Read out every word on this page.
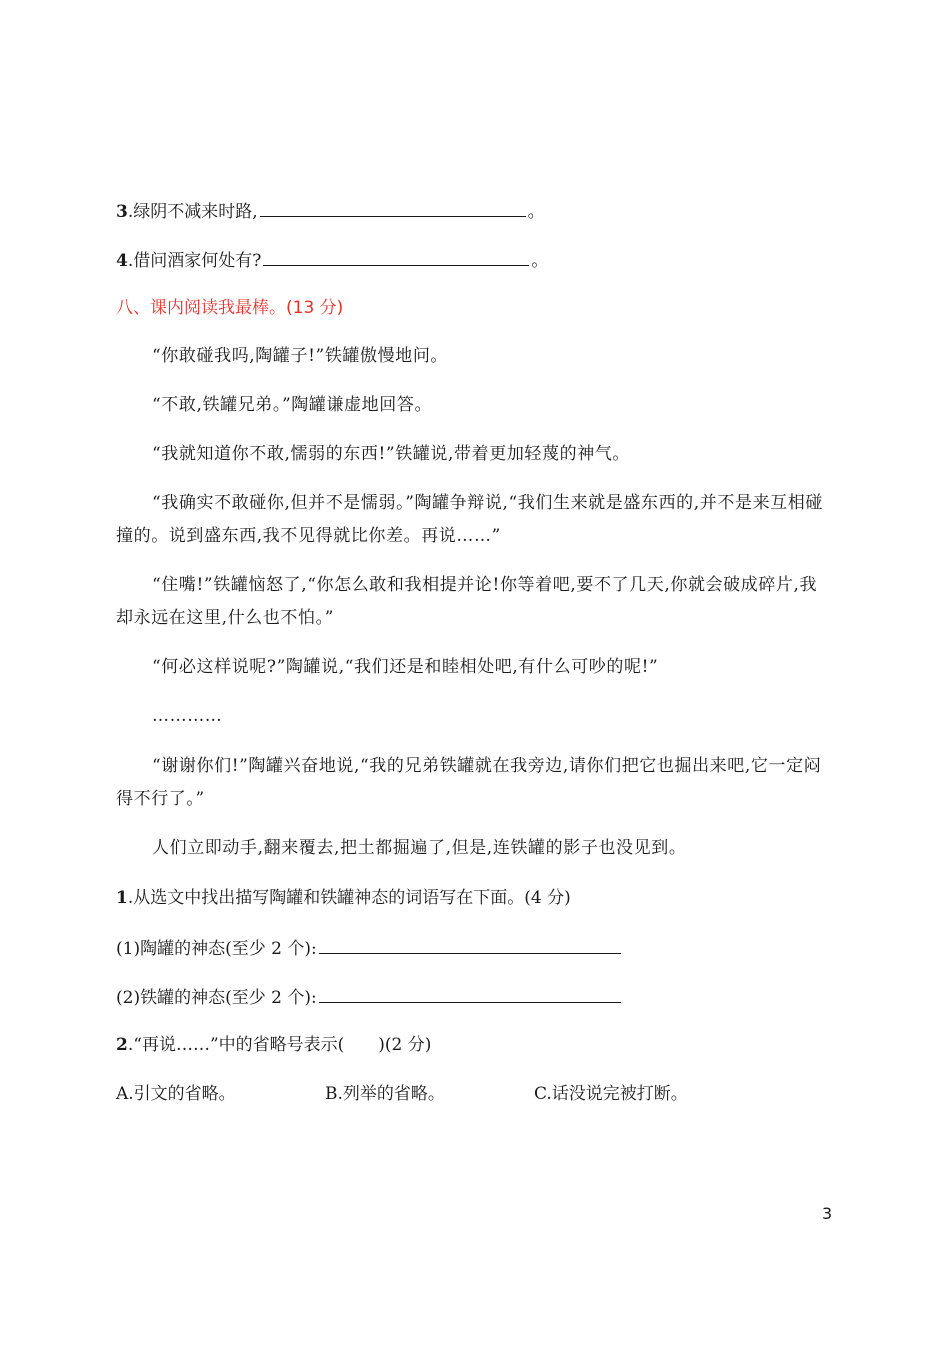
3.绿阴不减来时路,	。
4.借问酒家何处有?	。
八、课内阅读我最棒。(13 分)
“你敢碰我吗,陶罐子!”铁罐傲慢地问。
“不敢,铁罐兄弟。”陶罐谦虚地回答。
“我就知道你不敢,懦弱的东西!”铁罐说,带着更加轻蔑的神气。
“我确实不敢碰你,但并不是懦弱。”陶罐争辩说,“我们生来就是盛东西的,并不是来互相碰撞的。说到盛东西,我不见得就比你差。再说……”
“住嘴!”铁罐恼怒了,“你怎么敢和我相提并论!你等着吧,要不了几天,你就会破成碎片,我却永远在这里,什么也不怕。”
“何必这样说呢?”陶罐说,“我们还是和睦相处吧,有什么可吵的呢!”
…………
“谢谢你们!”陶罐兴奋地说,“我的兄弟铁罐就在我旁边,请你们把它也掘出来吧,它一定闷得不行了。”
人们立即动手,翻来覆去,把土都掘遍了,但是,连铁罐的影子也没见到。
1.从选文中找出描写陶罐和铁罐神态的词语写在下面。(4 分)
(1)陶罐的神态(至少 2 个):
(2)铁罐的神态(至少 2 个):
2.“再说……”中的省略号表示(　　)(2 分)
A.引文的省略。	B.列举的省略。	C.话没说完被打断。
3
